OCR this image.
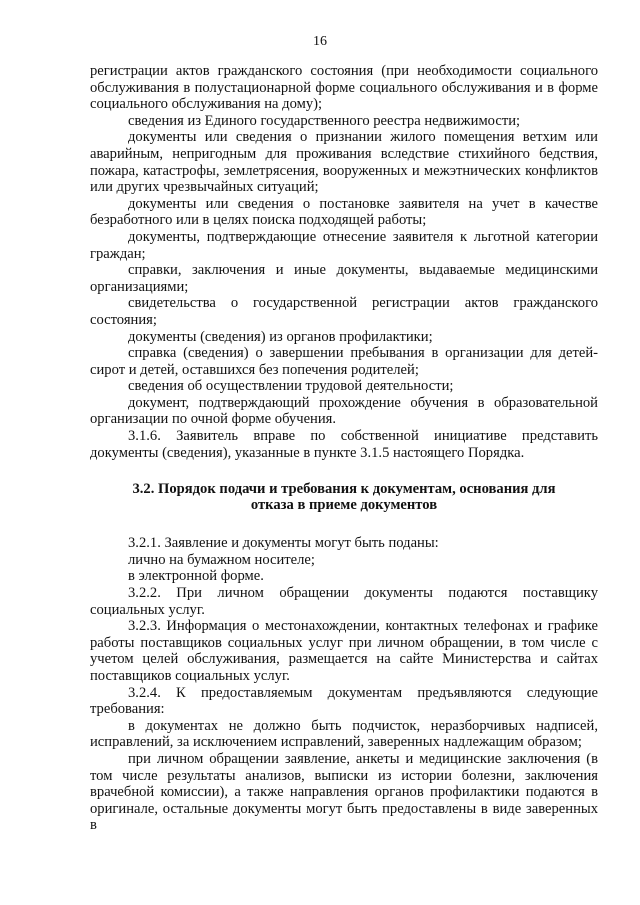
16

регистрации актов гражданского состояния (при необходимости социального обслуживания в полустационарной форме социального обслуживания и в форме социального обслуживания на дому);

сведения из Единого государственного реестра недвижимости;

документы или сведения о признании жилого помещения ветхим или аварийным, непригодным для проживания вследствие стихийного бедствия, пожара, катастрофы, землетрясения, вооруженных и межэтнических конфликтов или других чрезвычайных ситуаций;

документы или сведения о постановке заявителя на учет в качестве безработного или в целях поиска подходящей работы;

документы, подтверждающие отнесение заявителя к льготной категории граждан;

справки, заключения и иные документы, выдаваемые медицинскими организациями;

свидетельства о государственной регистрации актов гражданского состояния;

документы (сведения) из органов профилактики;

справка (сведения) о завершении пребывания в организации для детей-сирот и детей, оставшихся без попечения родителей;

сведения об осуществлении трудовой деятельности;

документ, подтверждающий прохождение обучения в образовательной организации по очной форме обучения.

3.1.6. Заявитель вправе по собственной инициативе представить документы (сведения), указанные в пункте 3.1.5 настоящего Порядка.

3.2. Порядок подачи и требования к документам, основания для
отказа в приеме документов

3.2.1. Заявление и документы могут быть поданы:

лично на бумажном носителе;

в электронной форме.

3.2.2. При личном обращении документы подаются поставщику социальных услуг.

3.2.3. Информация о местонахождении, контактных телефонах и графике работы поставщиков социальных услуг при личном обращении, в том числе с учетом целей обслуживания, размещается на сайте Министерства и сайтах поставщиков социальных услуг.

3.2.4. К предоставляемым документам предъявляются следующие требования:

в документах не должно быть подчисток, неразборчивых надписей, исправлений, за исключением исправлений, заверенных надлежащим образом;

при личном обращении заявление, анкеты и медицинские заключения (в том числе результаты анализов, выписки из истории болезни, заключения врачебной комиссии), а также направления органов профилактики подаются в оригинале, остальные документы могут быть предоставлены в виде заверенных в
